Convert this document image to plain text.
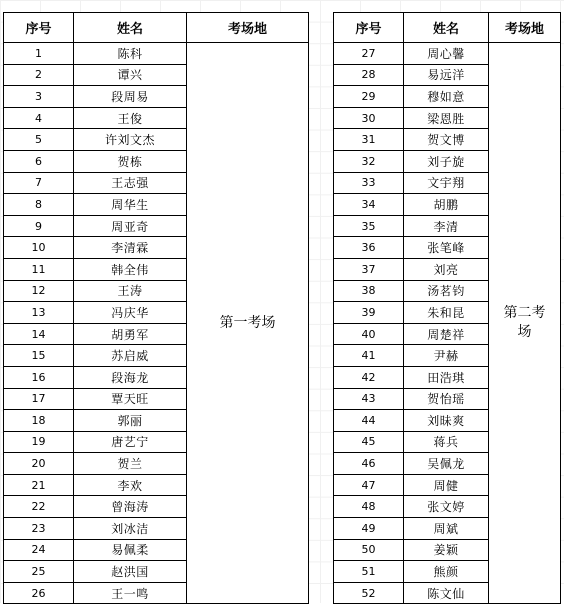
序号	姓名	考场地
1	陈科	第一考场
2	谭兴	
3	段周易	
4	王俊	
5	许刘文杰	
6	贺栋	
7	王志强	
8	周华生	
9	周亚奇	
10	李清霖	
11	韩全伟	
12	王涛	
13	冯庆华	
14	胡勇军	
15	苏启威	
16	段海龙	
17	覃天旺	
18	郭丽	
19	唐艺宁	
20	贺兰	
21	李欢	
22	曾海涛	
23	刘冰洁	
24	易佩柔	
25	赵洪国	
26	王一鸣	
序号	姓名	考场地
27	周心馨	第二考场
28	易远洋	
29	穆如意	
30	梁恩胜	
31	贺文博	
32	刘子旋	
33	文宇翔	
34	胡鹏	
35	李清	
36	张笔峰	
37	刘亮	
38	汤茗钧	
39	朱和昆	
40	周楚祥	
41	尹赫	
42	田浩琪	
43	贺怡瑶	
44	刘昧爽	
45	蒋兵	
46	吴佩龙	
47	周健	
48	张文婷	
49	周斌	
50	姜颖	
51	熊颜	
52	陈文仙	
